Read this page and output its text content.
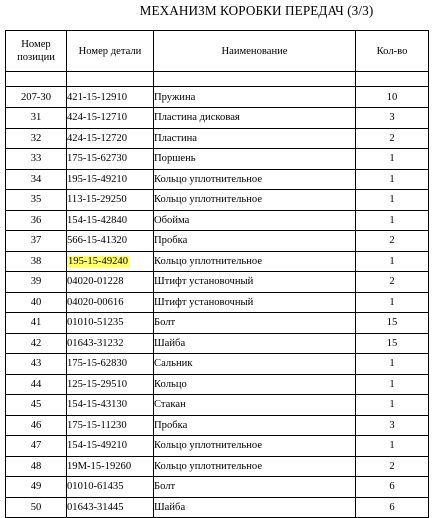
МЕХАНИЗМ КОРОБКИ ПЕРЕДАЧ (3/3)
Номер
позиции	Номер детали	Наименование	Кол-во

207-30	421-15-12910	Пружина	10
31	424-15-12710	Пластина дисковая	3
32	424-15-12720	Пластина	2
33	175-15-62730	Поршень	1
34	195-15-49210	Кольцо уплотнительное	1
35	113-15-29250	Кольцо уплотнительное	1
36	154-15-42840	Обойма	1
37	566-15-41320	Пробка	2
38	195-15-49240	Кольцо уплотнительное	1
39	04020-01228	Штифт установочный	2
40	04020-00616	Штифт установочный	1
41	01010-51235	Болт	15
42	01643-31232	Шайба	15
43	175-15-62830	Сальник	1
44	125-15-29510	Кольцо	1
45	154-15-43130	Стакан	1
46	175-15-11230	Пробка	3
47	154-15-49210	Кольцо уплотнительное	1
48	19M-15-19260	Кольцо уплотнительное	2
49	01010-61435	Болт	6
50	01643-31445	Шайба	6
